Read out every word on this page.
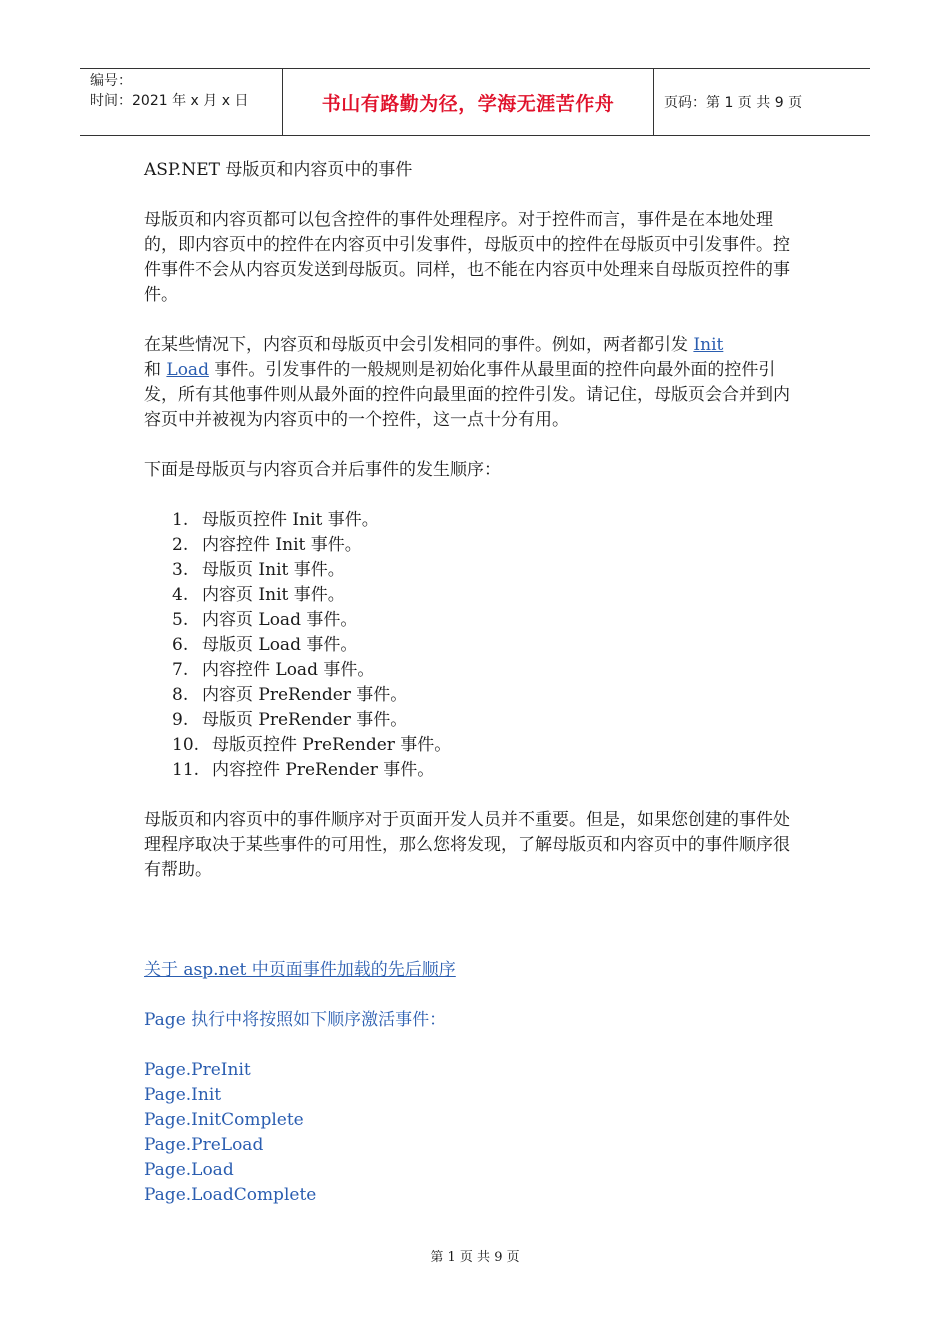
编号：
时间：2021 年 x 月 x 日	书山有路勤为径，学海无涯苦作舟	页码：第 1 页 共 9 页

ASP.NET 母版页和内容页中的事件

母版页和内容页都可以包含控件的事件处理程序。对于控件而言，事件是在本地处理的，即内容页中的控件在内容页中引发事件，母版页中的控件在母版页中引发事件。控件事件不会从内容页发送到母版页。同样，也不能在内容页中处理来自母版页控件的事件。

在某些情况下，内容页和母版页中会引发相同的事件。例如，两者都引发 Init
和 Load 事件。引发事件的一般规则是初始化事件从最里面的控件向最外面的控件引发，所有其他事件则从最外面的控件向最里面的控件引发。请记住，母版页会合并到内容页中并被视为内容页中的一个控件，这一点十分有用。

下面是母版页与内容页合并后事件的发生顺序：

1. 母版页控件 Init 事件。
2. 内容控件 Init 事件。
3. 母版页 Init 事件。
4. 内容页 Init 事件。
5. 内容页 Load 事件。
6. 母版页 Load 事件。
7. 内容控件 Load 事件。
8. 内容页 PreRender 事件。
9. 母版页 PreRender 事件。
10. 母版页控件 PreRender 事件。
11. 内容控件 PreRender 事件。

母版页和内容页中的事件顺序对于页面开发人员并不重要。但是，如果您创建的事件处理程序取决于某些事件的可用性，那么您将发现，了解母版页和内容页中的事件顺序很有帮助。

关于 asp.net 中页面事件加载的先后顺序

Page 执行中将按照如下顺序激活事件：

Page.PreInit

Page.Init

Page.InitComplete

Page.PreLoad

Page.Load

Page.LoadComplete

第 1 页 共 9 页
